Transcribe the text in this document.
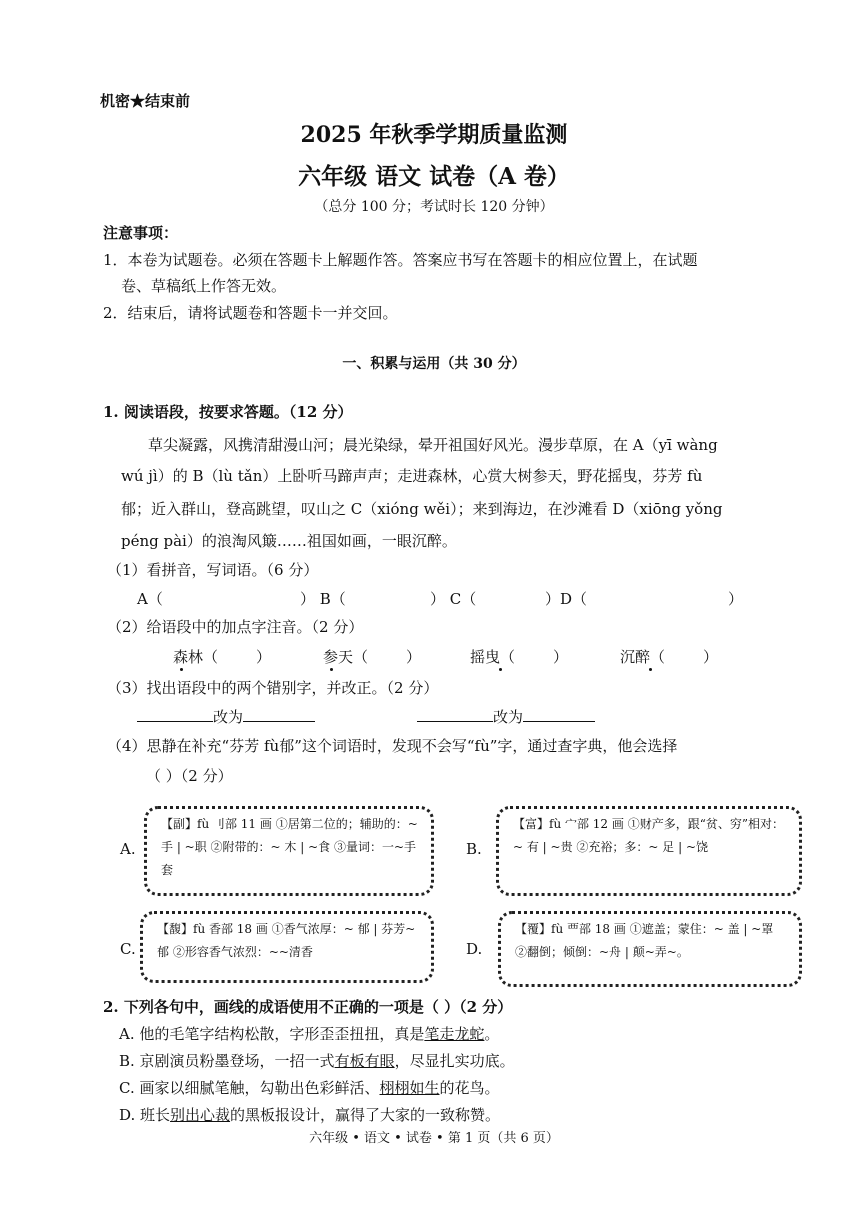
机密★结束前
2025 年秋季学期质量监测
六年级 语文 试卷（A 卷）
（总分 100 分；考试时长 120 分钟）
注意事项：
1．本卷为试题卷。必须在答题卡上解题作答。答案应书写在答题卡的相应位置上，在试题
卷、草稿纸上作答无效。
2．结束后，请将试题卷和答题卡一并交回。
一、积累与运用（共 30 分）
1. 阅读语段，按要求答题。（12 分）
草尖凝露，风携清甜漫山河；晨光染绿，晕开祖国好风光。漫步草原，在 A（yī wàng
wú jì）的 B（lù tǎn）上卧听马蹄声声；走进森林，心赏大树参天，野花摇曳，芬芳 fù
郁；近入群山，登高跳望，叹山之 C（xióng wěi）；来到海边，在沙滩看 D（xiōng yǒng
péng pài）的浪淘风簸……祖国如画，一眼沉醉。
（1）看拼音，写词语。（6 分）
A（	） B（	） C（	）D（	）
（2）给语段中的加点字注音。（2 分）
森林（	）	参天（	）	摇曳（	）	沉醉（	）
（3）找出语段中的两个错别字，并改正。（2 分）
改为	改为
（4）思静在补充“芬芳 fù郁”这个词语时，发现不会写“fù”字，通过查字典，他会选择
（ ）（2 分）
A.
【副】fù 刂部 11 画 ①居第二位的；辅助的：~ 手 | ~职 ②附带的：~ 木 | ~食 ③量词：一~手套
B.
【富】fù 宀部 12 画 ①财产多，跟“贫、穷”相对：~ 有 | ~贵 ②充裕；多：~ 足 | ~饶
C.
【馥】fù 香部 18 画 ①香气浓厚：~ 郁 | 芬芳~郁 ②形容香气浓烈：~~清香	D.
【覆】fù 覀部 18 画 ①遮盖；蒙住：~ 盖 | ~罩 ②翻倒；倾倒：~舟 | 颠~弄~。
2. 下列各句中，画线的成语使用不正确的一项是（ ）（2 分）
A. 他的毛笔字结构松散，字形歪歪扭扭，真是笔走龙蛇。
B. 京剧演员粉墨登场，一招一式有板有眼，尽显扎实功底。
C. 画家以细腻笔触，勾勒出色彩鲜活、栩栩如生的花鸟。
D. 班长别出心裁的黑板报设计，赢得了大家的一致称赞。
六年级 • 语文 • 试卷 • 第 1 页（共 6 页）
